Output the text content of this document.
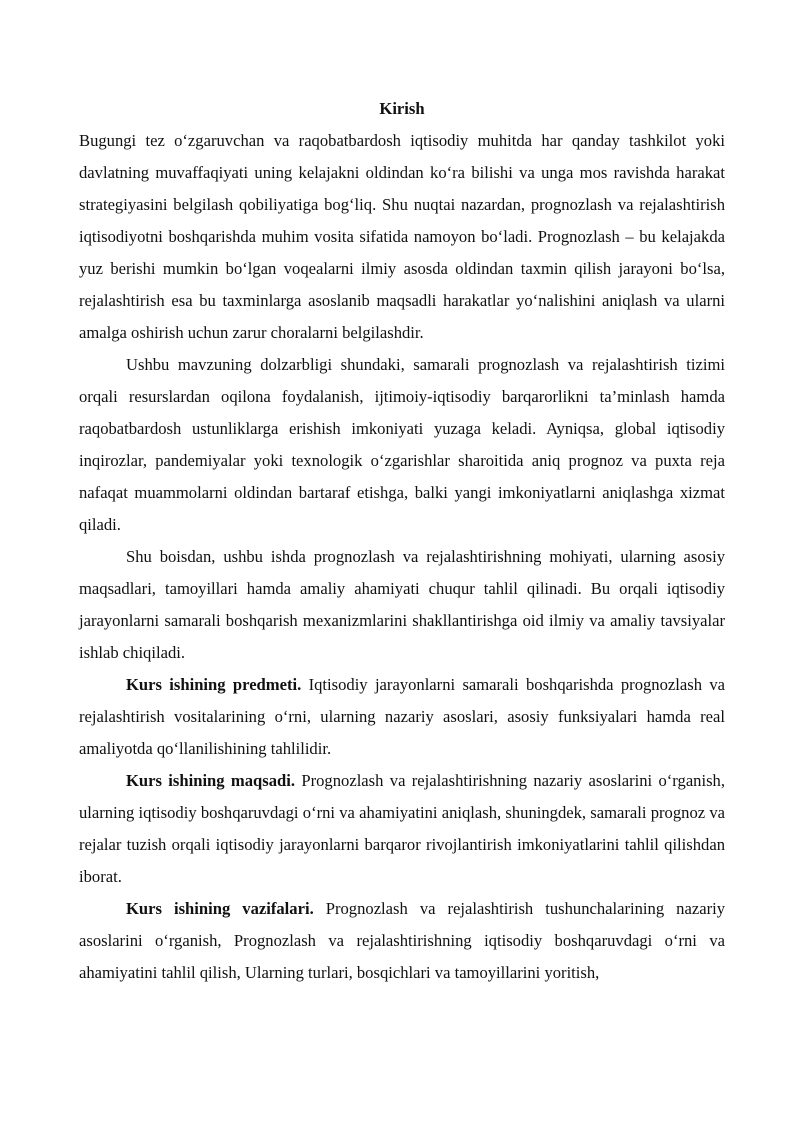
Kirish

Bugungi tez o‘zgaruvchan va raqobatbardosh iqtisodiy muhitda har qanday tashkilot yoki davlatning muvaffaqiyati uning kelajakni oldindan ko‘ra bilishi va unga mos ravishda harakat strategiyasini belgilash qobiliyatiga bog‘liq. Shu nuqtai nazardan, prognozlash va rejalashtirish iqtisodiyotni boshqarishda muhim vosita sifatida namoyon bo‘ladi. Prognozlash – bu kelajakda yuz berishi mumkin bo‘lgan voqealarni ilmiy asosda oldindan taxmin qilish jarayoni bo‘lsa, rejalashtirish esa bu taxminlarga asoslanib maqsadli harakatlar yo‘nalishini aniqlash va ularni amalga oshirish uchun zarur choralarni belgilashdir.

Ushbu mavzuning dolzarbligi shundaki, samarali prognozlash va rejalashtirish tizimi orqali resurslardan oqilona foydalanish, ijtimoiy-iqtisodiy barqarorlikni ta’minlash hamda raqobatbardosh ustunliklarga erishish imkoniyati yuzaga keladi. Ayniqsa, global iqtisodiy inqirozlar, pandemiyalar yoki texnologik o‘zgarishlar sharoitida aniq prognoz va puxta reja nafaqat muammolarni oldindan bartaraf etishga, balki yangi imkoniyatlarni aniqlashga xizmat qiladi.

Shu boisdan, ushbu ishda prognozlash va rejalashtirishning mohiyati, ularning asosiy maqsadlari, tamoyillari hamda amaliy ahamiyati chuqur tahlil qilinadi. Bu orqali iqtisodiy jarayonlarni samarali boshqarish mexanizmlarini shakllantirishga oid ilmiy va amaliy tavsiyalar ishlab chiqiladi.

Kurs ishining predmeti. Iqtisodiy jarayonlarni samarali boshqarishda prognozlash va rejalashtirish vositalarining o‘rni, ularning nazariy asoslari, asosiy funksiyalari hamda real amaliyotda qo‘llanilishining tahlilidir.

Kurs ishining maqsadi. Prognozlash va rejalashtirishning nazariy asoslarini o‘rganish, ularning iqtisodiy boshqaruvdagi o‘rni va ahamiyatini aniqlash, shuningdek, samarali prognoz va rejalar tuzish orqali iqtisodiy jarayonlarni barqaror rivojlantirish imkoniyatlarini tahlil qilishdan iborat.

Kurs ishining vazifalari. Prognozlash va rejalashtirish tushunchalarining nazariy asoslarini o‘rganish, Prognozlash va rejalashtirishning iqtisodiy boshqaruvdagi o‘rni va ahamiyatini tahlil qilish, Ularning turlari, bosqichlari va tamoyillarini yoritish,
